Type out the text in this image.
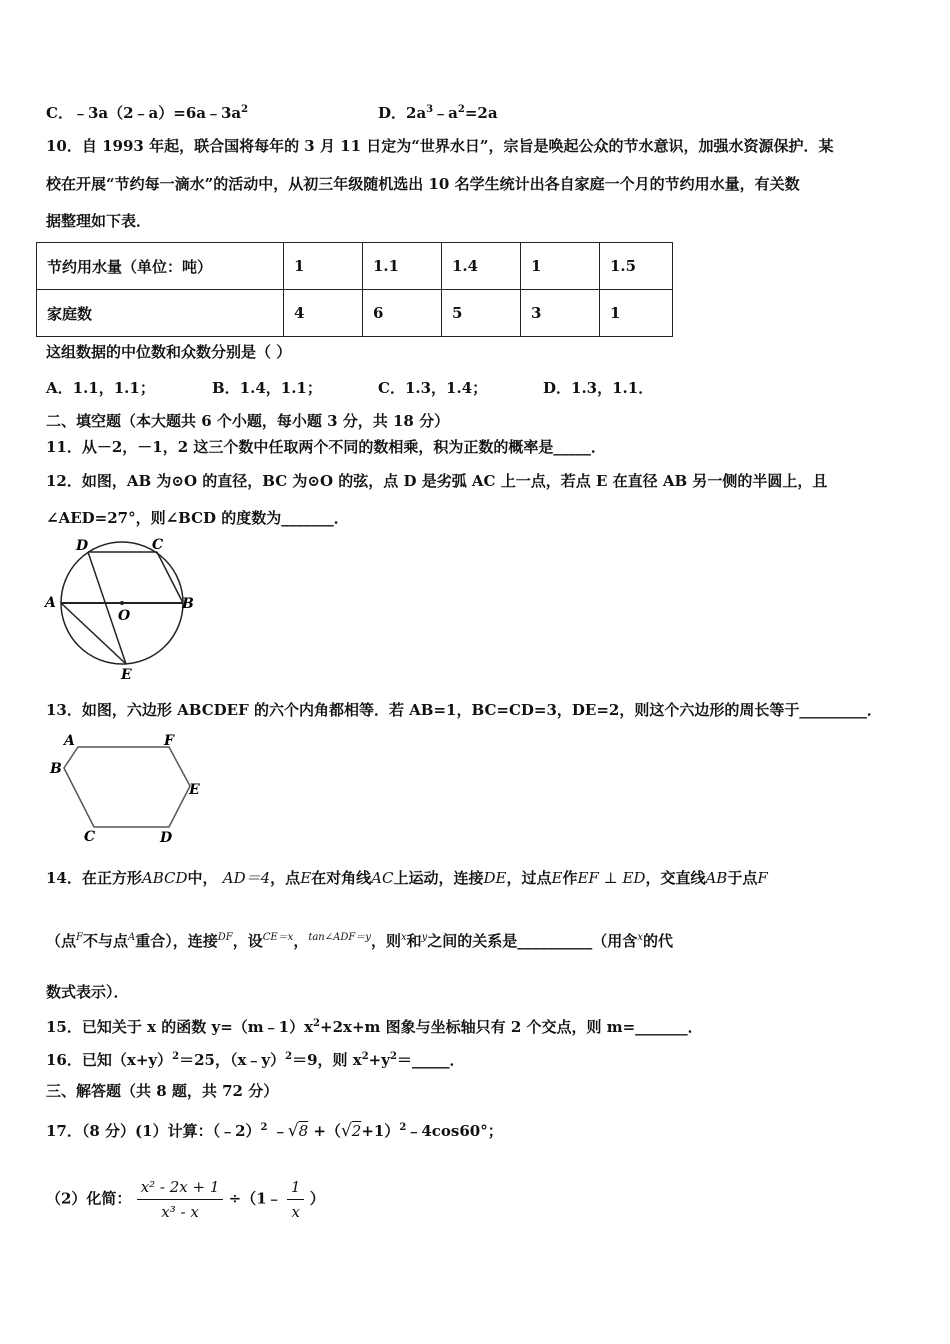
C．$﹣3a(2﹣a)=6a﹣3a^2$	D．$2a^3﹣a^2=2a$
10．自 1993 年起，联合国将每年的 3 月 11 日定为“世界水日”，宗旨是唤起公众的节水意识，加强水资源保护．某
校在开展“节约每一滴水”的活动中，从初三年级随机选出 10 名学生统计出各自家庭一个月的节约用水量，有关数
据整理如下表．
节约用水量（单位：吨）	1	1.1	1.4	1	1.5
家庭数	4	6	5	3	1
这组数据的中位数和众数分别是（ ）
A．1.1，1.1；	B．1.4，1.1；	C．1.3，1.4；	D．1.3，1.1．
二、填空题（本大题共 6 个小题，每小题 3 分，共 18 分）
11．从－2，－1，2 这三个数中任取两个不同的数相乘，积为正数的概率是_____．
12．如图，AB 为⊙O 的直径，BC 为⊙O 的弦，点 D 是劣弧 AC 上一点，若点 E 在直径 AB 另一侧的半圆上，且
∠AED=27°，则∠BCD 的度数为_______．
D	C
A	B
O
E
13．如图，六边形 ABCDEF 的六个内角都相等．若 AB=1，BC=CD=3，DE=2，则这个六边形的周长等于_________．
A	F
B
E
C	D
14．在正方形ABCD中， AD＝4，点E在对角线AC上运动，连接DE，过点E作EF ⊥ ED，交直线AB于点F
（点$^F$不与点$^A$重合），连接$^{DF}$，设$^{CE=x}$，$^{tan\angle ADF=y}$，则$^x$和$^y$之间的关系是__________（用含$^x$的代
数式表示）．
15．已知关于 x 的函数 $y=(m﹣1)x^2+2x+m$ 图象与坐标轴只有 2 个交点，则 m=_______．
16．已知$(x+y)^2=25$，（x﹣y）$^2$＝9，则 $x^2+y^2=\_\_\_\_\_$．
三、解答题（共 8 题，共 72 分）
17．（8 分）(1）计算：（﹣2）$^2$ ﹣√8 $+(√2+1)^2﹣4\cos 60^\circ$；
（2）化简： $\frac{\text{x² - 2x + 1}}{\text{x³ - x}}$ ÷（1﹣ $\frac{1}{x}$ ）
